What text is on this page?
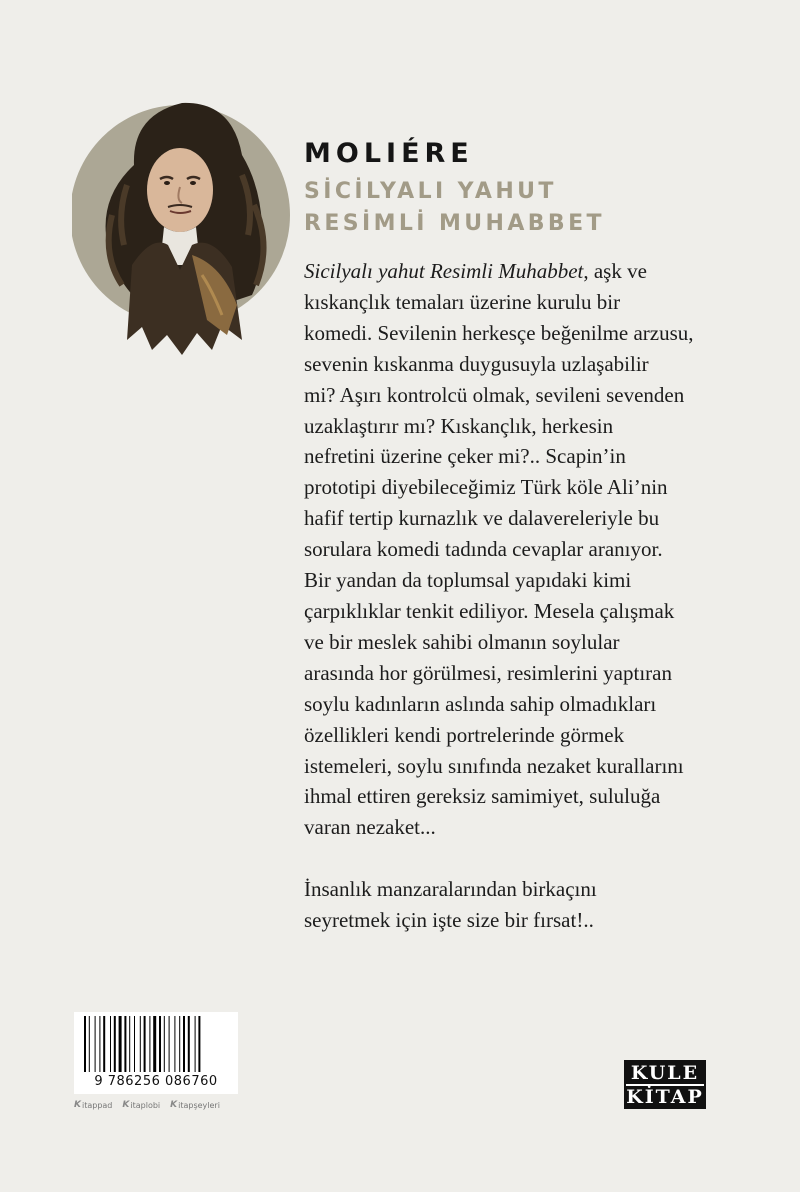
MOLIÉRE
SİCİLYALI YAHUT
RESİMLİ MUHABBET
Sicilyalı yahut Resimli Muhabbet, aşk ve
kıskançlık temaları üzerine kurulu bir
komedi. Sevilenin herkesçe beğenilme arzusu,
sevenin kıskanma duygusuyla uzlaşabilir
mi? Aşırı kontrolcü olmak, sevileni sevenden
uzaklaştırır mı? Kıskançlık, herkesin
nefretini üzerine çeker mi?.. Scapin’in
prototipi diyebileceğimiz Türk köle Ali’nin
hafif tertip kurnazlık ve dalavereleriyle bu
sorulara komedi tadında cevaplar aranıyor.
Bir yandan da toplumsal yapıdaki kimi
çarpıklıklar tenkit ediliyor. Mesela çalışmak
ve bir meslek sahibi olmanın soylular
arasında hor görülmesi, resimlerini yaptıran
soylu kadınların aslında sahip olmadıkları
özellikleri kendi portrelerinde görmek
istemeleri, soylu sınıfında nezaket kurallarını
ihmal ettiren gereksiz samimiyet, sululuğa
varan nezaket...
İnsanlık manzaralarından birkaçını
seyretmek için işte size bir fırsat!..
9 786256 086760
K itappad K itaplobi K itapşeyleri
KULE
KİTAP
